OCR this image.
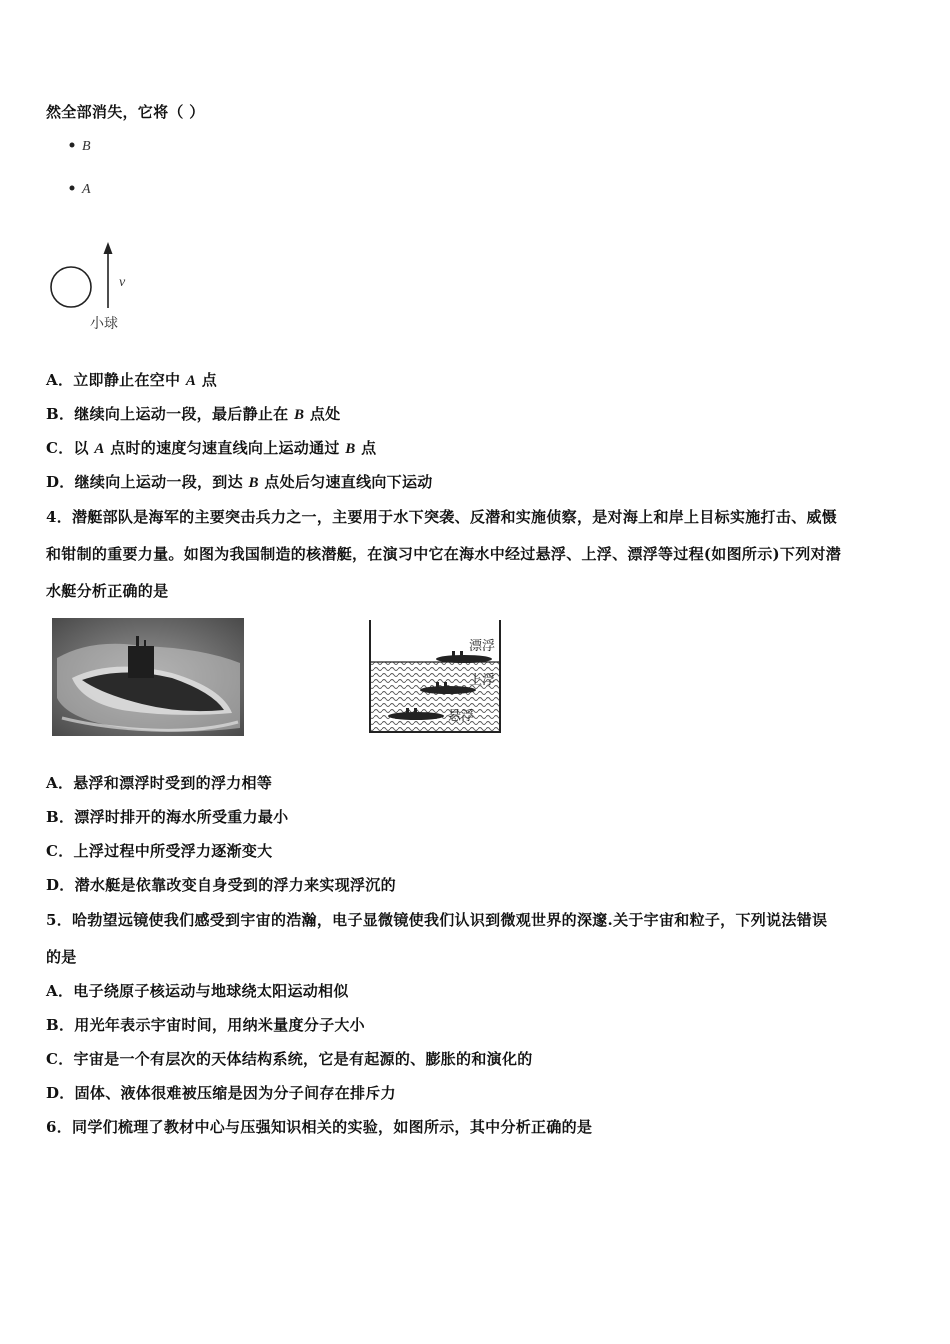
然全部消失，它将（ ）
B
A
v
小球
A．立即静止在空中 A 点
B．继续向上运动一段，最后静止在 B 点处
C．以 A 点时的速度匀速直线向上运动通过 B 点
D．继续向上运动一段，到达 B 点处后匀速直线向下运动
4．潜艇部队是海军的主要突击兵力之一，主要用于水下突袭、反潜和实施侦察，是对海上和岸上目标实施打击、威慑
和钳制的重要力量。如图为我国制造的核潜艇，在演习中它在海水中经过悬浮、上浮、漂浮等过程(如图所示)下列对潜
水艇分析正确的是
漂浮
上浮
悬浮
A．悬浮和漂浮时受到的浮力相等
B．漂浮时排开的海水所受重力最小
C．上浮过程中所受浮力逐渐变大
D．潜水艇是依靠改变自身受到的浮力来实现浮沉的
5．哈勃望远镜使我们感受到宇宙的浩瀚，电子显微镜使我们认识到微观世界的深邃.关于宇宙和粒子，下列说法错误
的是
A．电子绕原子核运动与地球绕太阳运动相似
B．用光年表示宇宙时间，用纳米量度分子大小
C．宇宙是一个有层次的天体结构系统，它是有起源的、膨胀的和演化的
D．固体、液体很难被压缩是因为分子间存在排斥力
6．同学们梳理了教材中心与压强知识相关的实验，如图所示，其中分析正确的是
